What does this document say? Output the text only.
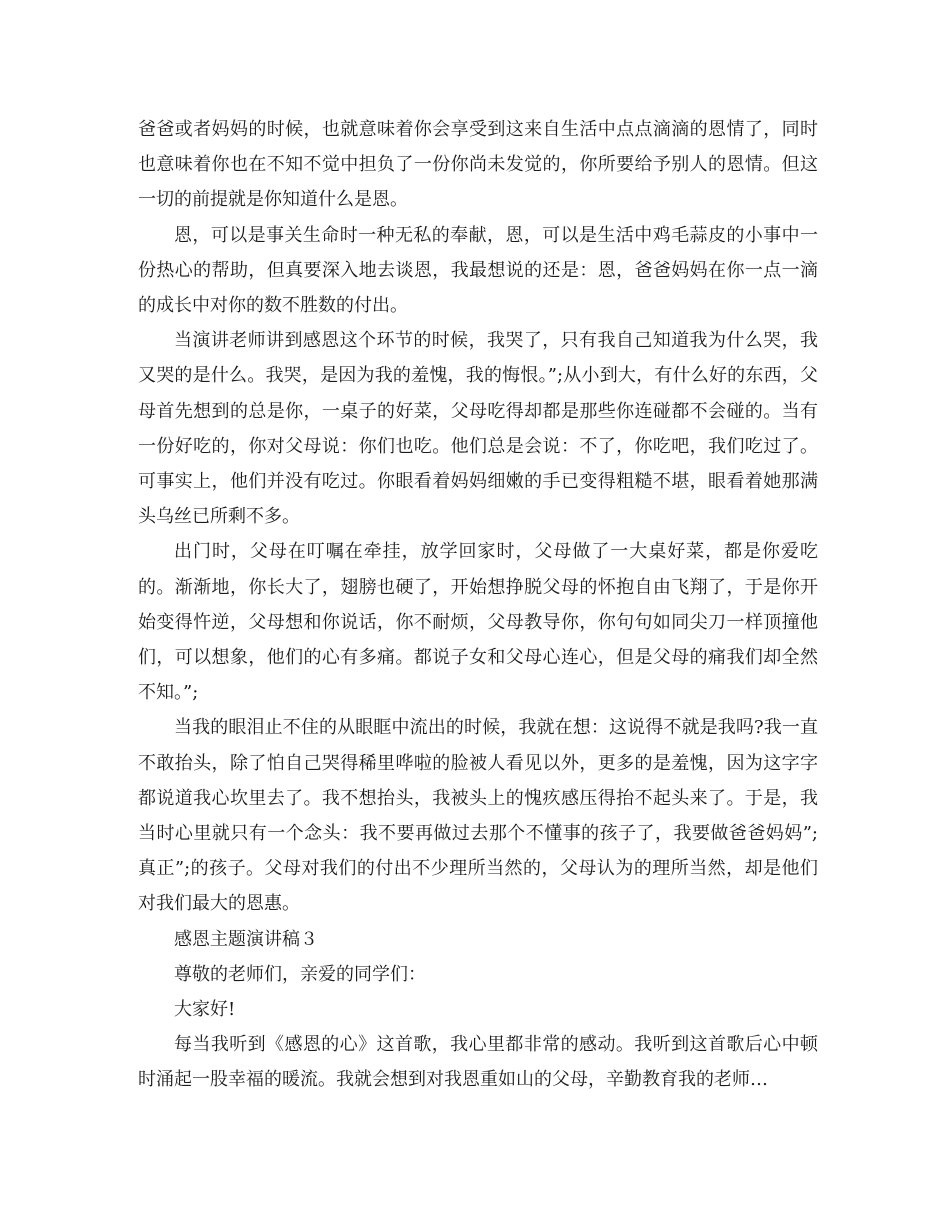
爸爸或者妈妈的时候，也就意味着你会享受到这来自生活中点点滴滴的恩情了，同时也意味着你也在不知不觉中担负了一份你尚未发觉的，你所要给予别人的恩情。但这一切的前提就是你知道什么是恩。

恩，可以是事关生命时一种无私的奉献，恩，可以是生活中鸡毛蒜皮的小事中一份热心的帮助，但真要深入地去谈恩，我最想说的还是：恩，爸爸妈妈在你一点一滴的成长中对你的数不胜数的付出。

当演讲老师讲到感恩这个环节的时候，我哭了，只有我自己知道我为什么哭，我又哭的是什么。我哭，是因为我的羞愧，我的悔恨。”;从小到大，有什么好的东西，父母首先想到的总是你，一桌子的好菜，父母吃得却都是那些你连碰都不会碰的。当有一份好吃的，你对父母说：你们也吃。他们总是会说：不了，你吃吧，我们吃过了。可事实上，他们并没有吃过。你眼看着妈妈细嫩的手已变得粗糙不堪，眼看着她那满头乌丝已所剩不多。

出门时，父母在叮嘱在牵挂，放学回家时，父母做了一大桌好菜，都是你爱吃的。渐渐地，你长大了，翅膀也硬了，开始想挣脱父母的怀抱自由飞翔了，于是你开始变得忤逆，父母想和你说话，你不耐烦，父母教导你，你句句如同尖刀一样顶撞他们，可以想象，他们的心有多痛。都说子女和父母心连心，但是父母的痛我们却全然不知。”;

当我的眼泪止不住的从眼眶中流出的时候，我就在想：这说得不就是我吗?我一直不敢抬头，除了怕自己哭得稀里哗啦的脸被人看见以外，更多的是羞愧，因为这字字都说道我心坎里去了。我不想抬头，我被头上的愧疚感压得抬不起头来了。于是，我当时心里就只有一个念头：我不要再做过去那个不懂事的孩子了，我要做爸爸妈妈”;真正”;的孩子。父母对我们的付出不少理所当然的，父母认为的理所当然，却是他们对我们最大的恩惠。

感恩主题演讲稿３

尊敬的老师们，亲爱的同学们：

大家好!

每当我听到《感恩的心》这首歌，我心里都非常的感动。我听到这首歌后心中顿时涌起一股幸福的暖流。我就会想到对我恩重如山的父母，辛勤教育我的老师…
